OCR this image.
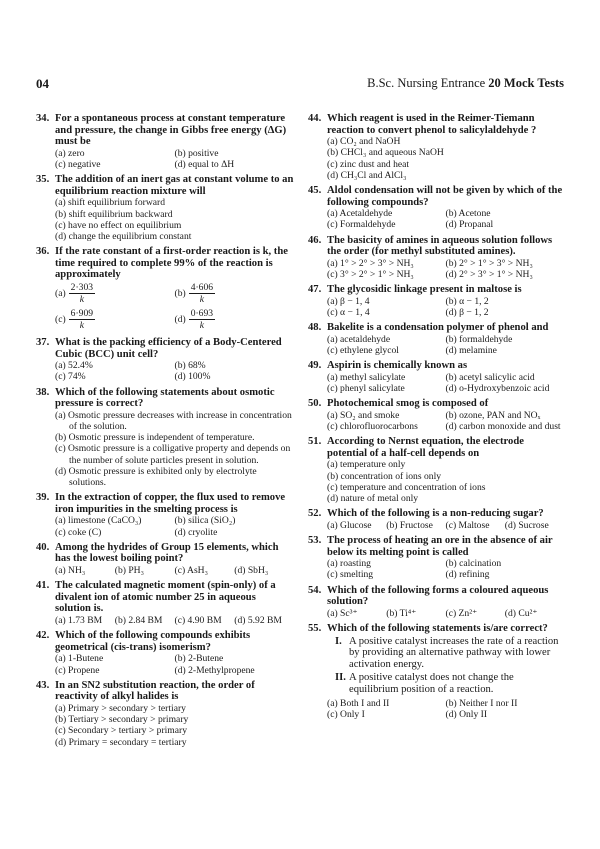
04	B.Sc. Nursing Entrance 20 Mock Tests
34. For a spontaneous process at constant temperature and pressure, the change in Gibbs free energy (ΔG) must be
(a) zero	(b) positive
(c) negative	(d) equal to ΔH
35. The addition of an inert gas at constant volume to an equilibrium reaction mixture will
(a) shift equilibrium forward
(b) shift equilibrium backward
(c) have no effect on equilibrium
(d) change the equilibrium constant
36. If the rate constant of a first-order reaction is k, the time required to complete 99% of the reaction is approximately
$(a) \frac{2\cdot 303}{k}$	$(b) \frac{4\cdot 606}{k}$
$(c) \frac{6\cdot 909}{k}$	$(d) \frac{0\cdot 693}{k}$
37. What is the packing efficiency of a Body-Centered Cubic (BCC) unit cell?
(a) 52.4%	(b) 68%
(c) 74%	(d) 100%
38. Which of the following statements about osmotic pressure is correct?
(a) Osmotic pressure decreases with increase in concentration of the solution.
(b) Osmotic pressure is independent of temperature.
(c) Osmotic pressure is a colligative property and depends on the number of solute particles present in solution.
(d) Osmotic pressure is exhibited only by electrolyte solutions.
39. In the extraction of copper, the flux used to remove iron impurities in the smelting process is
(a) limestone (CaCO₃)	(b) silica (SiO₂)
(c) coke (C)	(d) cryolite
40. Among the hydrides of Group 15 elements, which has the lowest boiling point?
(a) NH₃	(b) PH₃	(c) AsH₃	(d) SbH₃
41. The calculated magnetic moment (spin-only) of a divalent ion of atomic number 25 in aqueous solution is.
(a) 1.73 BM	(b) 2.84 BM	(c) 4.90 BM	(d) 5.92 BM
42. Which of the following compounds exhibits geometrical (cis-trans) isomerism?
(a) 1-Butene	(b) 2-Butene
(c) Propene	(d) 2-Methylpropene
43. In an SN2 substitution reaction, the order of reactivity of alkyl halides is
(a) Primary > secondary > tertiary
(b) Tertiary > secondary > primary
(c) Secondary > tertiary > primary
(d) Primary = secondary = tertiary
44. Which reagent is used in the Reimer-Tiemann reaction to convert phenol to salicylaldehyde ?
(a) CO₂ and NaOH
(b) CHCl₃ and aqueous NaOH
(c) zinc dust and heat
(d) CH₃Cl and AlCl₃
45. Aldol condensation will not be given by which of the following compounds?
(a) Acetaldehyde	(b) Acetone
(c) Formaldehyde	(d) Propanal
46. The basicity of amines in aqueous solution follows the order (for methyl substituted amines).
(a) 1° > 2° > 3° > NH₃	(b) 2° > 1° > 3° > NH₃
(c) 3° > 2° > 1° > NH₃	(d) 2° > 3° > 1° > NH₃
47. The glycosidic linkage present in maltose is
(a) β − 1, 4	(b) α − 1, 2
(c) α − 1, 4	(d) β − 1, 2
48. Bakelite is a condensation polymer of phenol and
(a) acetaldehyde	(b) formaldehyde
(c) ethylene glycol	(d) melamine
49. Aspirin is chemically known as
(a) methyl salicylate	(b) acetyl salicylic acid
(c) phenyl salicylate	(d) o-Hydroxybenzoic acid
50. Photochemical smog is composed of
(a) SO₂ and smoke	(b) ozone, PAN and NOₓ
(c) chlorofluorocarbons	(d) carbon monoxide and dust
51. According to Nernst equation, the electrode potential of a half-cell depends on
(a) temperature only
(b) concentration of ions only
(c) temperature and concentration of ions
(d) nature of metal only
52. Which of the following is a non-reducing sugar?
(a) Glucose	(b) Fructose	(c) Maltose	(d) Sucrose
53. The process of heating an ore in the absence of air below its melting point is called
(a) roasting	(b) calcination
(c) smelting	(d) refining
54. Which of the following forms a coloured aqueous solution?
(a) Sc³⁺	(b) Ti⁴⁺	(c) Zn²⁺	(d) Cu²⁺
55. Which of the following statements is/are correct?
I. A positive catalyst increases the rate of a reaction by providing an alternative pathway with lower activation energy.
II. A positive catalyst does not change the equilibrium position of a reaction.
(a) Both I and II	(b) Neither I nor II
(c) Only I	(d) Only II
